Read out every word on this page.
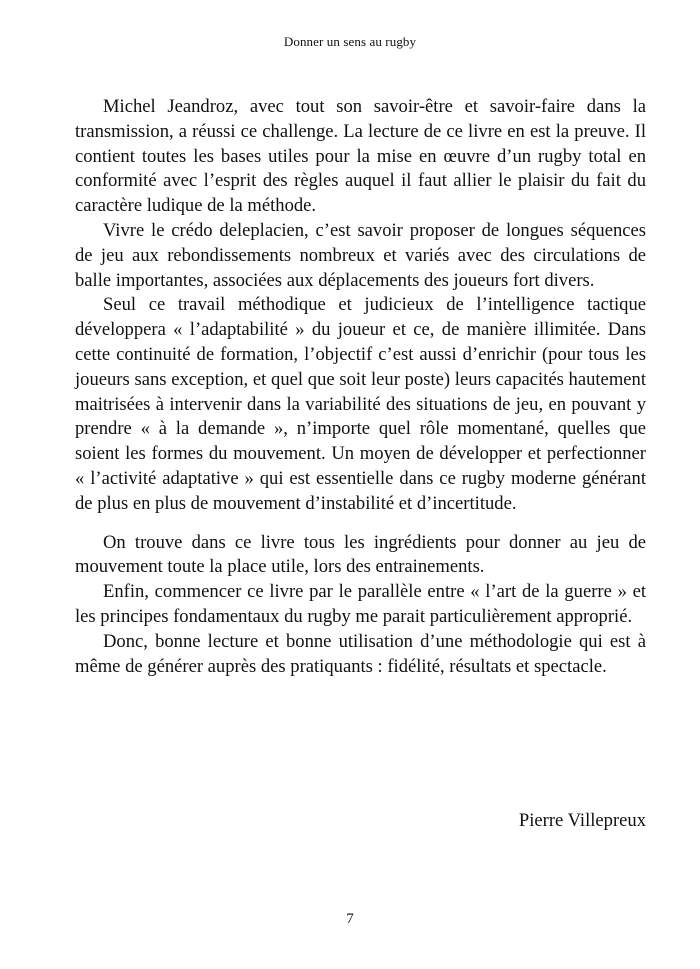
Donner un sens au rugby

Michel Jeandroz, avec tout son savoir-être et savoir-faire dans la transmission, a réussi ce challenge. La lecture de ce livre en est la preuve. Il contient toutes les bases utiles pour la mise en œuvre d’un rugby total en conformité avec l’esprit des règles auquel il faut allier le plaisir du fait du caractère ludique de la méthode.

Vivre le crédo deleplacien, c’est savoir proposer de longues séquences de jeu aux rebondissements nombreux et variés avec des circulations de balle importantes, associées aux déplacements des joueurs fort divers.

Seul ce travail méthodique et judicieux de l’intelligence tactique développera « l’adaptabilité » du joueur et ce, de manière illimitée. Dans cette continuité de formation, l’objectif c’est aussi d’enrichir (pour tous les joueurs sans exception, et quel que soit leur poste) leurs capacités hautement maitrisées à intervenir dans la variabilité des situations de jeu, en pouvant y prendre « à la demande », n’importe quel rôle momentané, quelles que soient les formes du mouvement. Un moyen de développer et perfectionner « l’activité adaptative » qui est essentielle dans ce rugby moderne générant de plus en plus de mouvement d’instabilité et d’incertitude.

On trouve dans ce livre tous les ingrédients pour donner au jeu de mouvement toute la place utile, lors des entrainements.

Enfin, commencer ce livre par le parallèle entre « l’art de la guerre » et les principes fondamentaux du rugby me parait particulièrement approprié.

Donc, bonne lecture et bonne utilisation d’une méthodologie qui est à même de générer auprès des pratiquants : fidélité, résultats et spectacle.

Pierre Villepreux
7
